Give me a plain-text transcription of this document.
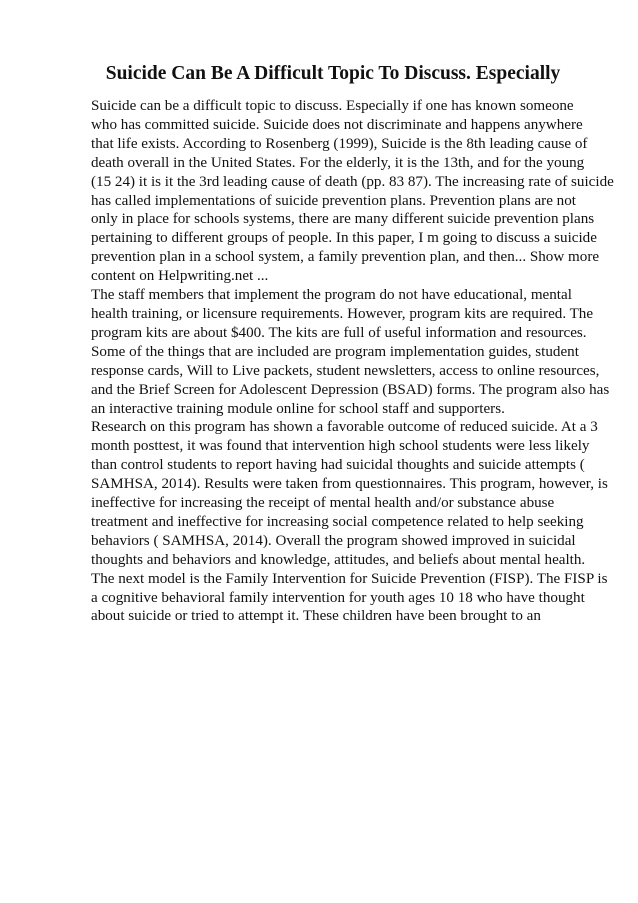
Suicide Can Be A Difficult Topic To Discuss. Especially
Suicide can be a difficult topic to discuss. Especially if one has known someone
who has committed suicide. Suicide does not discriminate and happens anywhere
that life exists. According to Rosenberg (1999), Suicide is the 8th leading cause of
death overall in the United States. For the elderly, it is the 13th, and for the young
(15 24) it is it the 3rd leading cause of death (pp. 83 87). The increasing rate of suicide
has called implementations of suicide prevention plans. Prevention plans are not
only in place for schools systems, there are many different suicide prevention plans
pertaining to different groups of people. In this paper, I m going to discuss a suicide
prevention plan in a school system, a family prevention plan, and then... Show more
content on Helpwriting.net ...
The staff members that implement the program do not have educational, mental
health training, or licensure requirements. However, program kits are required. The
program kits are about $400. The kits are full of useful information and resources.
Some of the things that are included are program implementation guides, student
response cards, Will to Live packets, student newsletters, access to online resources,
and the Brief Screen for Adolescent Depression (BSAD) forms. The program also has
an interactive training module online for school staff and supporters.
Research on this program has shown a favorable outcome of reduced suicide. At a 3
month posttest, it was found that intervention high school students were less likely
than control students to report having had suicidal thoughts and suicide attempts (
SAMHSA, 2014). Results were taken from questionnaires. This program, however, is
ineffective for increasing the receipt of mental health and/or substance abuse
treatment and ineffective for increasing social competence related to help seeking
behaviors ( SAMHSA, 2014). Overall the program showed improved in suicidal
thoughts and behaviors and knowledge, attitudes, and beliefs about mental health.
The next model is the Family Intervention for Suicide Prevention (FISP). The FISP is
a cognitive behavioral family intervention for youth ages 10 18 who have thought
about suicide or tried to attempt it. These children have been brought to an
